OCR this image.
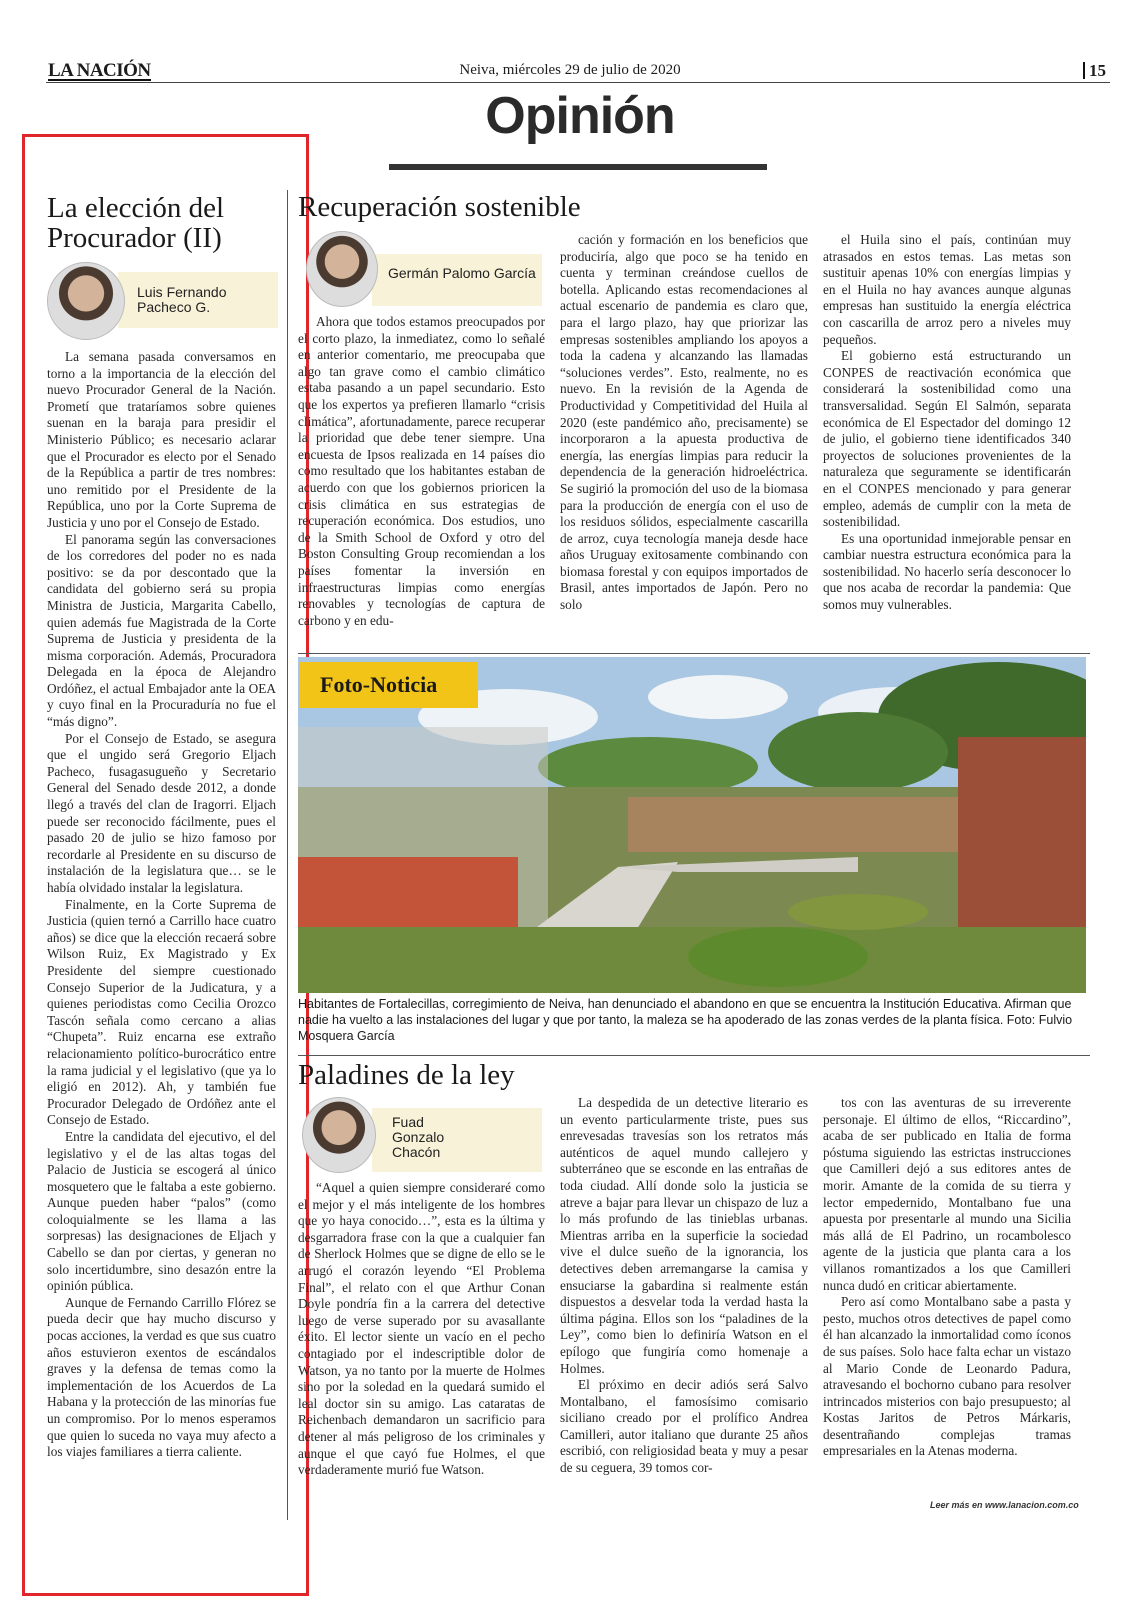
LA NACIÓN	Neiva, miércoles 29 de julio de 2020	15
Opinión
La elección del Procurador (II)
Luis Fernando Pacheco G.

La semana pasada conversamos en torno a la importancia de la elección del nuevo Procurador General de la Nación. Prometí que trataríamos sobre quienes suenan en la baraja para presidir el Ministerio Público; es necesario aclarar que el Procurador es electo por el Senado de la República a partir de tres nombres: uno remitido por el Presidente de la República, uno por la Corte Suprema de Justicia y uno por el Consejo de Estado.

El panorama según las conversaciones de los corredores del poder no es nada positivo: se da por descontado que la candidata del gobierno será su propia Ministra de Justicia, Margarita Cabello, quien además fue Magistrada de la Corte Suprema de Justicia y presidenta de la misma corporación. Además, Procuradora Delegada en la época de Alejandro Ordóñez, el actual Embajador ante la OEA y cuyo final en la Procuraduría no fue el “más digno”.

Por el Consejo de Estado, se asegura que el ungido será Gregorio Eljach Pacheco, fusagasugueño y Secretario General del Senado desde 2012, a donde llegó a través del clan de Iragorri. Eljach puede ser reconocido fácilmente, pues el pasado 20 de julio se hizo famoso por recordarle al Presidente en su discurso de instalación de la legislatura que… se le había olvidado instalar la legislatura.

Finalmente, en la Corte Suprema de Justicia (quien ternó a Carrillo hace cuatro años) se dice que la elección recaerá sobre Wilson Ruiz, Ex Magistrado y Ex Presidente del siempre cuestionado Consejo Superior de la Judicatura, y a quienes periodistas como Cecilia Orozco Tascón señala como cercano a alias “Chupeta”. Ruiz encarna ese extraño relacionamiento político-burocrático entre la rama judicial y el legislativo (que ya lo eligió en 2012). Ah, y también fue Procurador Delegado de Ordóñez ante el Consejo de Estado.

Entre la candidata del ejecutivo, el del legislativo y el de las altas togas del Palacio de Justicia se escogerá al único mosquetero que le faltaba a este gobierno. Aunque pueden haber “palos” (como coloquialmente se les llama a las sorpresas) las designaciones de Eljach y Cabello se dan por ciertas, y generan no solo incertidumbre, sino desazón entre la opinión pública.

Aunque de Fernando Carrillo Flórez se pueda decir que hay mucho discurso y pocas acciones, la verdad es que sus cuatro años estuvieron exentos de escándalos graves y la defensa de temas como la implementación de los Acuerdos de La Habana y la protección de las minorías fue un compromiso. Por lo menos esperamos que quien lo suceda no vaya muy afecto a los viajes familiares a tierra caliente.

Recuperación sostenible
Germán Palomo García

Ahora que todos estamos preocupados por el corto plazo, la inmediatez, como lo señalé en anterior comentario, me preocupaba que algo tan grave como el cambio climático estaba pasando a un papel secundario. Esto que los expertos ya prefieren llamarlo “crisis climática”, afortunadamente, parece recuperar la prioridad que debe tener siempre. Una encuesta de Ipsos realizada en 14 países dio como resultado que los habitantes estaban de acuerdo con que los gobiernos prioricen la crisis climática en sus estrategias de recuperación económica. Dos estudios, uno de la Smith School de Oxford y otro del Boston Consulting Group recomiendan a los países fomentar la inversión en infraestructuras limpias como energías renovables y tecnologías de captura de carbono y en edu-

cación y formación en los beneficios que produciría, algo que poco se ha tenido en cuenta y terminan creándose cuellos de botella. Aplicando estas recomendaciones al actual escenario de pandemia es claro que, para el largo plazo, hay que priorizar las empresas sostenibles ampliando los apoyos a toda la cadena y alcanzando las llamadas “soluciones verdes”. Esto, realmente, no es nuevo. En la revisión de la Agenda de Productividad y Competitividad del Huila al 2020 (este pandémico año, precisamente) se incorporaron a la apuesta productiva de energía, las energías limpias para reducir la dependencia de la generación hidroeléctrica. Se sugirió la promoción del uso de la biomasa para la producción de energía con el uso de los residuos sólidos, especialmente cascarilla de arroz, cuya tecnología maneja desde hace años Uruguay exitosamente combinando con biomasa forestal y con equipos importados de Brasil, antes importados de Japón. Pero no solo

el Huila sino el país, continúan muy atrasados en estos temas. Las metas son sustituir apenas 10% con energías limpias y en el Huila no hay avances aunque algunas empresas han sustituido la energía eléctrica con cascarilla de arroz pero a niveles muy pequeños.

El gobierno está estructurando un CONPES de reactivación económica que considerará la sostenibilidad como una transversalidad. Según El Salmón, separata económica de El Espectador del domingo 12 de julio, el gobierno tiene identificados 340 proyectos de soluciones provenientes de la naturaleza que seguramente se identificarán en el CONPES mencionado y para generar empleo, además de cumplir con la meta de sostenibilidad.

Es una oportunidad inmejorable pensar en cambiar nuestra estructura económica para la sostenibilidad. No hacerlo sería desconocer lo que nos acaba de recordar la pandemia: Que somos muy vulnerables.

Foto-Noticia
Habitantes de Fortalecillas, corregimiento de Neiva, han denunciado el abandono en que se encuentra la Institución Educativa. Afirman que nadie ha vuelto a las instalaciones del lugar y que por tanto, la maleza se ha apoderado de las zonas verdes de la planta física. Foto: Fulvio Mosquera García
Paladines de la ley
Fuad Gonzalo Chacón

“Aquel a quien siempre consideraré como el mejor y el más inteligente de los hombres que yo haya conocido…”, esta es la última y desgarradora frase con la que a cualquier fan de Sherlock Holmes que se digne de ello se le arrugó el corazón leyendo “El Problema Final”, el relato con el que Arthur Conan Doyle pondría fin a la carrera del detective luego de verse superado por su avasallante éxito. El lector siente un vacío en el pecho contagiado por el indescriptible dolor de Watson, ya no tanto por la muerte de Holmes sino por la soledad en la quedará sumido el leal doctor sin su amigo. Las cataratas de Reichenbach demandaron un sacrificio para detener al más peligroso de los criminales y aunque el que cayó fue Holmes, el que verdaderamente murió fue Watson.

La despedida de un detective literario es un evento particularmente triste, pues sus enrevesadas travesías son los retratos más auténticos de aquel mundo callejero y subterráneo que se esconde en las entrañas de toda ciudad. Allí donde solo la justicia se atreve a bajar para llevar un chispazo de luz a lo más profundo de las tinieblas urbanas. Mientras arriba en la superficie la sociedad vive el dulce sueño de la ignorancia, los detectives deben arremangarse la camisa y ensuciarse la gabardina si realmente están dispuestos a desvelar toda la verdad hasta la última página. Ellos son los “paladines de la Ley”, como bien lo definiría Watson en el epílogo que fungiría como homenaje a Holmes.

El próximo en decir adiós será Salvo Montalbano, el famosísimo comisario siciliano creado por el prolífico Andrea Camilleri, autor italiano que durante 25 años escribió, con religiosidad beata y muy a pesar de su ceguera, 39 tomos cor-

tos con las aventuras de su irreverente personaje. El último de ellos, “Riccardino”, acaba de ser publicado en Italia de forma póstuma siguiendo las estrictas instrucciones que Camilleri dejó a sus editores antes de morir. Amante de la comida de su tierra y lector empedernido, Montalbano fue una apuesta por presentarle al mundo una Sicilia más allá de El Padrino, un rocambolesco agente de la justicia que planta cara a los villanos romantizados a los que Camilleri nunca dudó en criticar abiertamente.

Pero así como Montalbano sabe a pasta y pesto, muchos otros detectives de papel como él han alcanzado la inmortalidad como íconos de sus países. Solo hace falta echar un vistazo al Mario Conde de Leonardo Padura, atravesando el bochorno cubano para resolver intrincados misterios con bajo presupuesto; al Kostas Jaritos de Petros Márkaris, desentrañando complejas tramas empresariales en la Atenas moderna.

Leer más en www.lanacion.com.co
